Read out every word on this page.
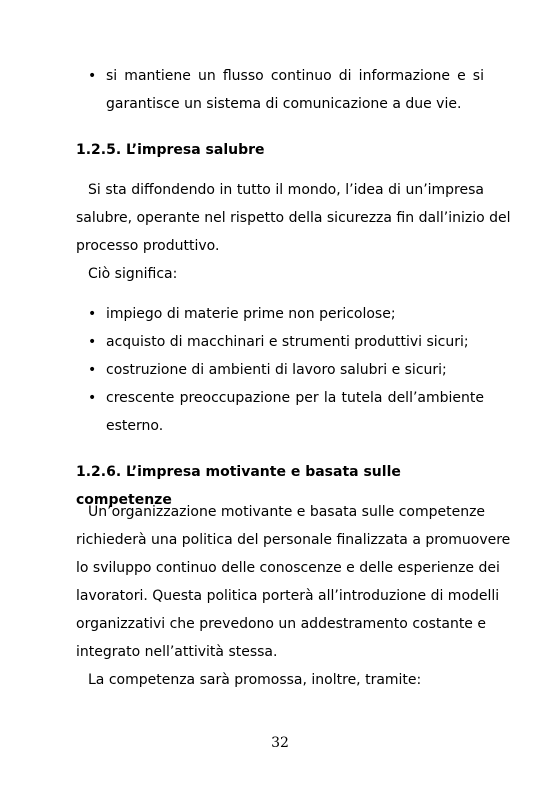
• si mantiene un flusso continuo di informazione e si
garantisce un sistema di comunicazione a due vie.
1.2.5. L’impresa salubre
Si sta diffondendo in tutto il mondo, l’idea di un’impresa
salubre, operante nel rispetto della sicurezza fin dall’inizio del
processo produttivo.
Ciò significa:
• impiego di materie prime non pericolose;
• acquisto di macchinari e strumenti produttivi sicuri;
• costruzione di ambienti di lavoro salubri e sicuri;
• crescente preoccupazione per la tutela dell’ambiente
esterno.
1.2.6. L’impresa motivante e basata sulle competenze
Un’organizzazione motivante e basata sulle competenze
richiederà una politica del personale finalizzata a promuovere
lo sviluppo continuo delle conoscenze e delle esperienze dei
lavoratori. Questa politica porterà all’introduzione di modelli
organizzativi che prevedono un addestramento costante e
integrato nell’attività stessa.
La competenza sarà promossa, inoltre, tramite:
32
